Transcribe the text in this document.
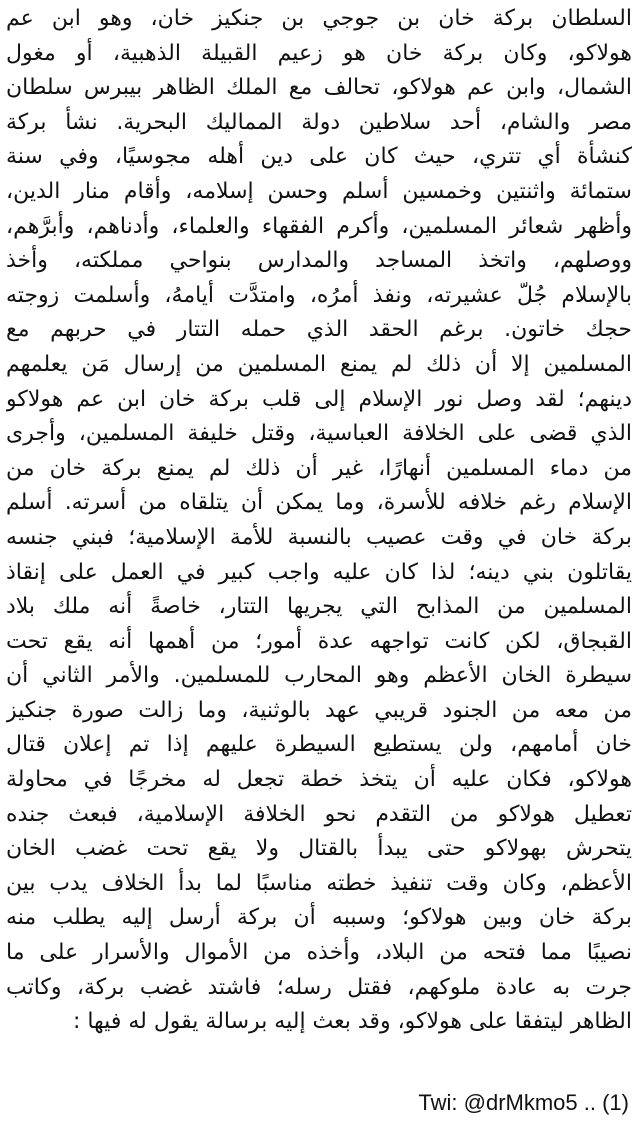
السلطان بركة خان بن جوجي بن جنكيز خان، وهو ابن عم
هولاكو، وكان بركة خان هو زعيم القبيلة الذهبية، أو مغول
الشمال، وابن عم هولاكو، تحالف مع الملك الظاهر بيبرس سلطان
مصر والشام، أحد سلاطين دولة المماليك البحرية. نشأ بركة
كنشأة أي تتري، حيث كان على دين أهله مجوسيًا، وفي سنة
ستمائة واثنتين وخمسين أسلم وحسن إسلامه، وأقام منار الدين،
وأظهر شعائر المسلمين، وأكرم الفقهاء والعلماء، وأدناهم، وأبرَّهم،
ووصلهم، واتخذ المساجد والمدارس بنواحي مملكته، وأخذ
بالإسلام جُلّ عشيرته، ونفذ أمرُه، وامتدَّت أيامهُ، وأسلمت زوجته
حجك خاتون. برغم الحقد الذي حمله التتار في حربهم مع
المسلمين إلا أن ذلك لم يمنع المسلمين من إرسال مَن يعلمهم
دينهم؛ لقد وصل نور الإسلام إلى قلب بركة خان ابن عم هولاكو
الذي قضى على الخلافة العباسية، وقتل خليفة المسلمين، وأجرى
من دماء المسلمين أنهارًا، غير أن ذلك لم يمنع بركة خان من
الإسلام رغم خلافه للأسرة، وما يمكن أن يتلقاه من أسرته. أسلم
بركة خان في وقت عصيب بالنسبة للأمة الإسلامية؛ فبني جنسه
يقاتلون بني دينه؛ لذا كان عليه واجب كبير في العمل على إنقاذ
المسلمين من المذابح التي يجريها التتار، خاصةً أنه ملك بلاد
القبجاق، لكن كانت تواجهه عدة أمور؛ من أهمها أنه يقع تحت
سيطرة الخان الأعظم وهو المحارب للمسلمين. والأمر الثاني أن
من معه من الجنود قريبي عهد بالوثنية، وما زالت صورة جنكيز
خان أمامهم، ولن يستطيع السيطرة عليهم إذا تم إعلان قتال
هولاكو، فكان عليه أن يتخذ خطة تجعل له مخرجًا في محاولة
تعطيل هولاكو من التقدم نحو الخلافة الإسلامية، فبعث جنده
يتحرش بهولاكو حتى يبدأ بالقتال ولا يقع تحت غضب الخان
الأعظم، وكان وقت تنفيذ خطته مناسبًا لما بدأ الخلاف يدب بين
بركة خان وبين هولاكو؛ وسببه أن بركة أرسل إليه يطلب منه
نصيبًا مما فتحه من البلاد، وأخذه من الأموال والأسرار على ما
جرت به عادة ملوكهم، فقتل رسله؛ فاشتد غضب بركة، وكاتب
الظاهر ليتفقا على هولاكو، وقد بعث إليه برسالة يقول له فيها :
Twi: @drMkmo5 .. (1)
